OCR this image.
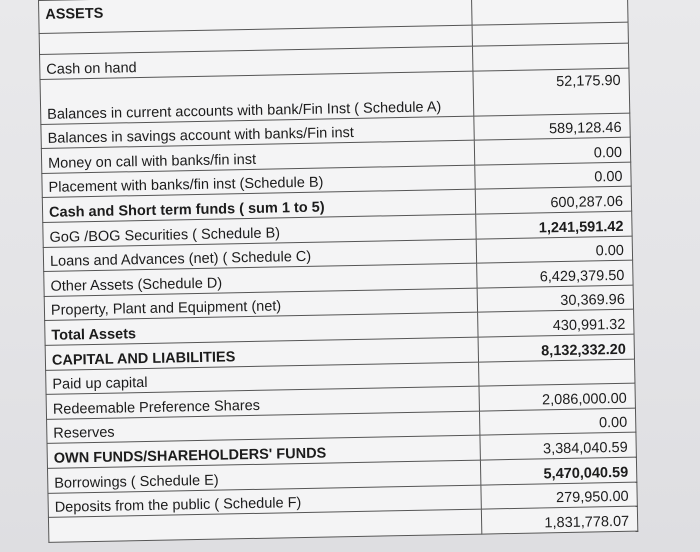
ASSETS	

Cash on hand	
Balances in current accounts with bank/Fin Inst ( Schedule A)	52,175.90
Balances in savings account with banks/Fin inst	589,128.46
Money on call with banks/fin inst	0.00
Placement with banks/fin inst (Schedule B)	0.00
Cash and Short term funds ( sum 1 to 5)	600,287.06
GoG /BOG Securities ( Schedule B)	1,241,591.42
Loans and Advances (net) ( Schedule C)	0.00
Other Assets (Schedule D)	6,429,379.50
Property, Plant and Equipment (net)	30,369.96
Total Assets	430,991.32
CAPITAL AND LIABILITIES	8,132,332.20
Paid up capital	
Redeemable Preference Shares	2,086,000.00
Reserves	0.00
OWN FUNDS/SHAREHOLDERS' FUNDS	3,384,040.59
Borrowings ( Schedule E)	5,470,040.59
Deposits from the public ( Schedule F)	279,950.00
	1,831,778.07
